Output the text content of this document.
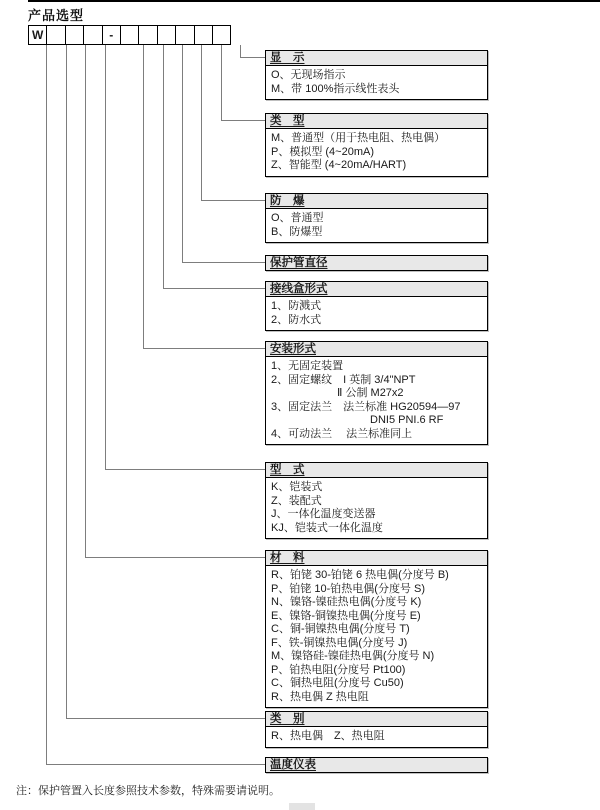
产品选型
W	-
显　示
O、无现场指示
M、带 100%指示线性表头
类　型
M、普通型（用于热电阻、热电偶）
P、模拟型 (4~20mA)
Z、智能型 (4~20mA/HART)
防　爆
O、普通型
B、防爆型
保护管直径
接线盒形式
1、防溅式
2、防水式
安装形式
1、无固定装置
2、固定螺纹　I 英制 3/4"NPT
　　　　　　Ⅱ 公制 M27x2
3、固定法兰　法兰标准 HG20594—97
　　　　　　　　　DNI5 PNI.6 RF
4、可动法兰　 法兰标准同上
型　式
K、铠装式
Z、装配式
J、一体化温度变送器
KJ、铠装式一体化温度
材　料
R、铂铑 30-铂铑 6 热电偶(分度号 B)
P、铂铑 10-铂热电偶(分度号 S)
N、镍铬-镍硅热电偶(分度号 K)
E、镍铬-铜镍热电偶(分度号 E)
C、铜-铜镍热电偶(分度号 T)
F、铁-铜镍热电偶(分度号 J)
M、镍铬硅-镍硅热电偶(分度号 N)
P、铂热电阻(分度号 Pt100)
C、铜热电阻(分度号 Cu50)
R、热电偶 Z 热电阻
类　别
R、热电偶　Z、热电阻
温度仪表
注：保护管置入长度参照技术参数，特殊需要请说明。
